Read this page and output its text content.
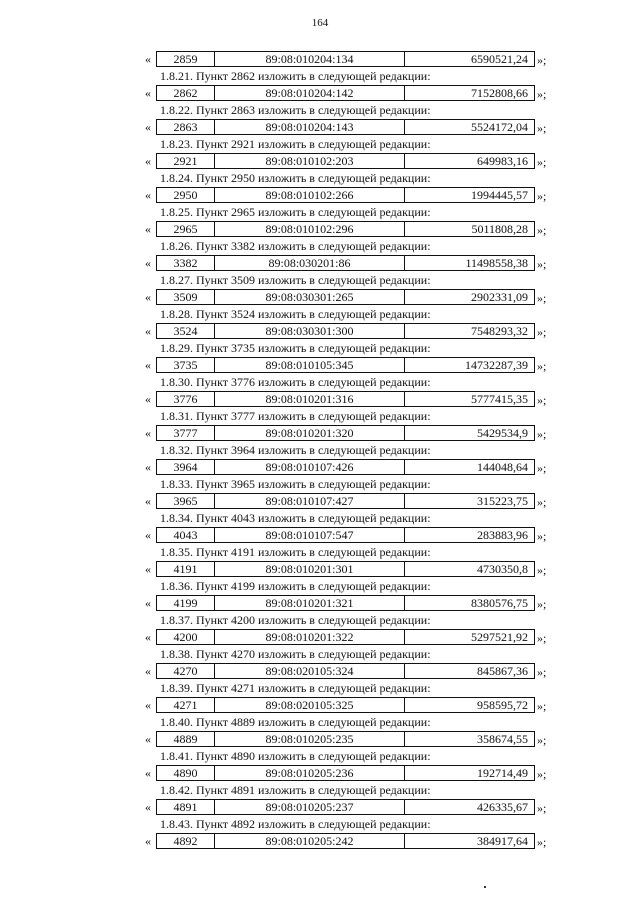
164
«	2859	89:08:010204:134	6590521,24 »;
1.8.21. Пункт 2862 изложить в следующей редакции:
«	2862	89:08:010204:142	7152808,66 »;
1.8.22. Пункт 2863 изложить в следующей редакции:
«	2863	89:08:010204:143	5524172,04 »;
1.8.23. Пункт 2921 изложить в следующей редакции:
«	2921	89:08:010102:203	649983,16 »;
1.8.24. Пункт 2950 изложить в следующей редакции:
«	2950	89:08:010102:266	1994445,57 »;
1.8.25. Пункт 2965 изложить в следующей редакции:
«	2965	89:08:010102:296	5011808,28 »;
1.8.26. Пункт 3382 изложить в следующей редакции:
«	3382	89:08:030201:86	11498558,38 »;
1.8.27. Пункт 3509 изложить в следующей редакции:
«	3509	89:08:030301:265	2902331,09 »;
1.8.28. Пункт 3524 изложить в следующей редакции:
«	3524	89:08:030301:300	7548293,32 »;
1.8.29. Пункт 3735 изложить в следующей редакции:
«	3735	89:08:010105:345	14732287,39 »;
1.8.30. Пункт 3776 изложить в следующей редакции:
«	3776	89:08:010201:316	5777415,35 »;
1.8.31. Пункт 3777 изложить в следующей редакции:
«	3777	89:08:010201:320	5429534,9 »;
1.8.32. Пункт 3964 изложить в следующей редакции:
«	3964	89:08:010107:426	144048,64 »;
1.8.33. Пункт 3965 изложить в следующей редакции:
«	3965	89:08:010107:427	315223,75 »;
1.8.34. Пункт 4043 изложить в следующей редакции:
«	4043	89:08:010107:547	283883,96 »;
1.8.35. Пункт 4191 изложить в следующей редакции:
«	4191	89:08:010201:301	4730350,8 »;
1.8.36. Пункт 4199 изложить в следующей редакции:
«	4199	89:08:010201:321	8380576,75 »;
1.8.37. Пункт 4200 изложить в следующей редакции:
«	4200	89:08:010201:322	5297521,92 »;
1.8.38. Пункт 4270 изложить в следующей редакции:
«	4270	89:08:020105:324	845867,36 »;
1.8.39. Пункт 4271 изложить в следующей редакции:
«	4271	89:08:020105:325	958595,72 »;
1.8.40. Пункт 4889 изложить в следующей редакции:
«	4889	89:08:010205:235	358674,55 »;
1.8.41. Пункт 4890 изложить в следующей редакции:
«	4890	89:08:010205:236	192714,49 »;
1.8.42. Пункт 4891 изложить в следующей редакции:
«	4891	89:08:010205:237	426335,67 »;
1.8.43. Пункт 4892 изложить в следующей редакции:
«	4892	89:08:010205:242	384917,64 »;
